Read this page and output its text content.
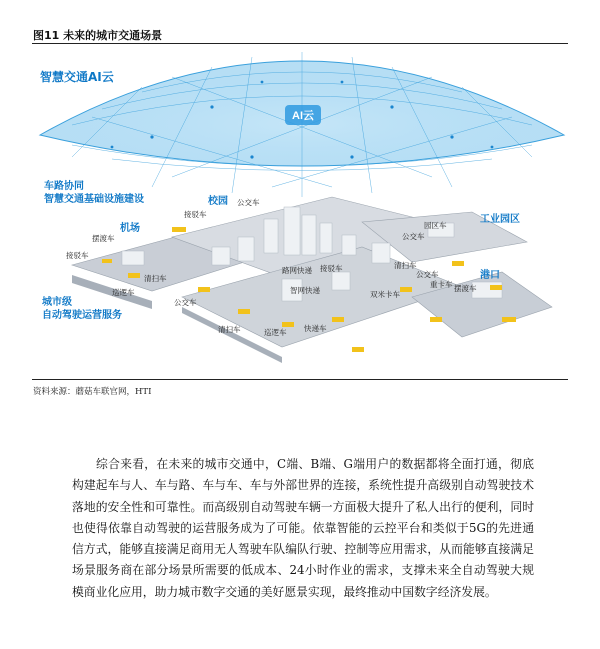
图11 未来的城市交通场景
AI云
智慧交通AI云
车路协同
智慧交通基础设施建设
城市级
自动驾驶运营服务
校园
机场
工业园区
港口
接驳车
公交车
摆渡车
接驳车
清扫车
巡逻车
公交车
路网快递 接驳车
智网快递
清扫车	巡逻车 快递车
园区车
公交车
清扫车
公交车
重卡车 摆渡车
双米卡车
资料来源：蘑菇车联官网，HTI

综合来看，在未来的城市交通中，C端、B端、G端用户的数据都将全面打通，彻底构建起车与人、车与路、车与车、车与外部世界的连接，系统性提升高级别自动驾驶技术落地的安全性和可靠性。而高级别自动驾驶车辆一方面极大提升了私人出行的便利，同时也使得依靠自动驾驶的运营服务成为了可能。依靠智能的云控平台和类似于5G的先进通信方式，能够直接满足商用无人驾驶车队编队行驶、控制等应用需求，从而能够直接满足场景服务商在部分场景所需要的低成本、24小时作业的需求，支撑未来全自动驾驶大规模商业化应用，助力城市数字交通的美好愿景实现，最终推动中国数字经济发展。
